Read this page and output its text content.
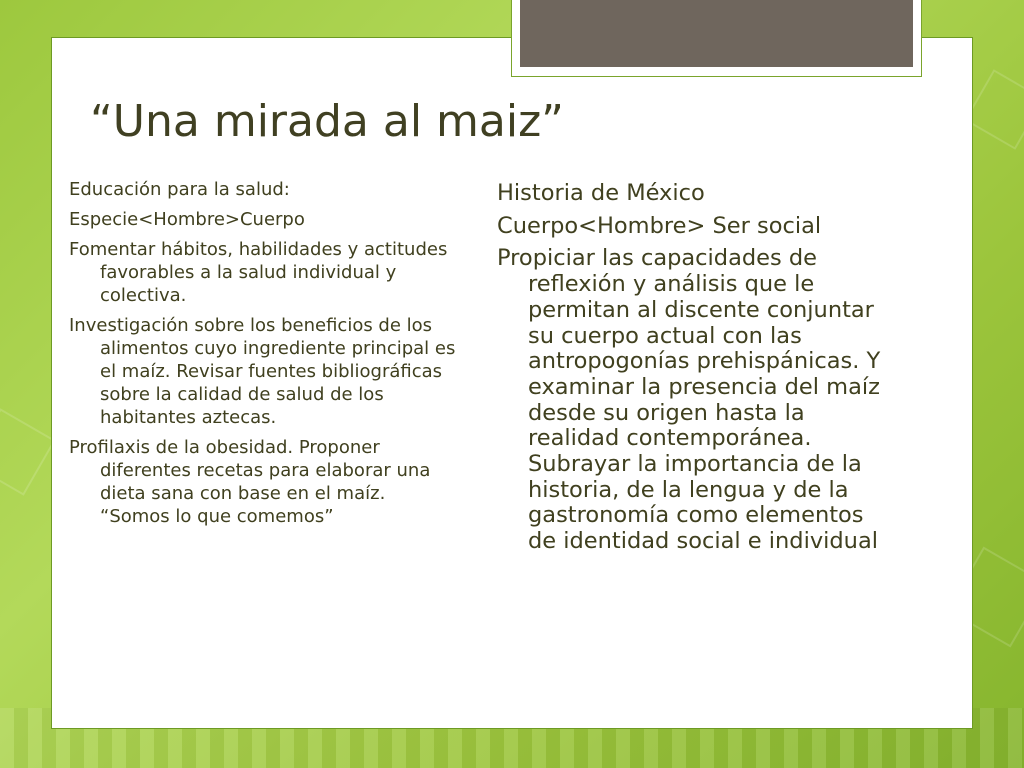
“Una mirada al maiz”

Educación para la salud:

Especie<Hombre>Cuerpo

Fomentar hábitos, habilidades y actitudes favorables a la salud individual y colectiva.

Investigación sobre los beneficios de los alimentos cuyo ingrediente principal es el maíz. Revisar fuentes bibliográficas sobre la calidad de salud de los habitantes aztecas.

Profilaxis de la obesidad. Proponer diferentes recetas para elaborar una dieta sana con base en el maíz. “Somos lo que comemos”

Historia de México

Cuerpo<Hombre> Ser social

Propiciar las capacidades de reflexión y análisis que le permitan al discente conjuntar su cuerpo actual con las antropogonías prehispánicas. Y examinar la presencia del maíz desde su origen hasta la realidad contemporánea. Subrayar la importancia de la historia, de la lengua y de la gastronomía como elementos de identidad social e individual
